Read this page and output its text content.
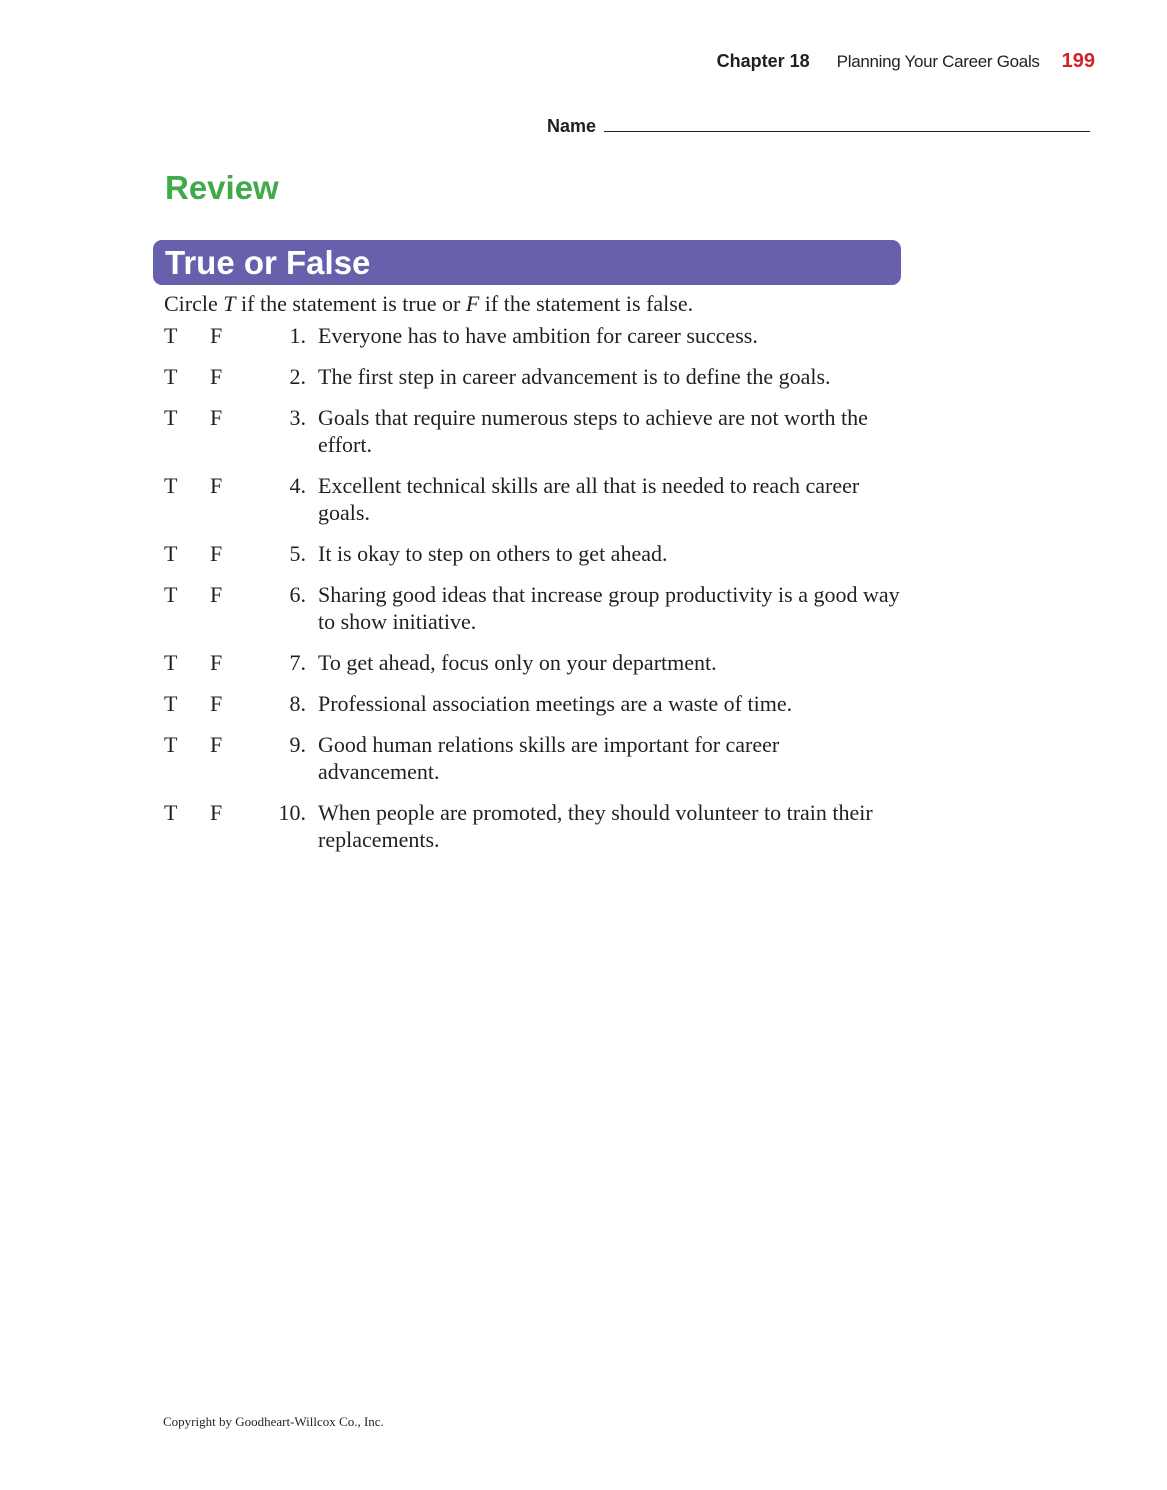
Chapter 18 Planning Your Career Goals 199
Name
Review
True or False
Circle T if the statement is true or F if the statement is false.
T	F	1. Everyone has to have ambition for career success.
T	F	2. The first step in career advancement is to define the goals.
T	F	3. Goals that require numerous steps to achieve are not worth the effort.
T	F	4. Excellent technical skills are all that is needed to reach career goals.
T	F	5. It is okay to step on others to get ahead.
T	F	6. Sharing good ideas that increase group productivity is a good way to show initiative.
T	F	7. To get ahead, focus only on your department.
T	F	8. Professional association meetings are a waste of time.
T	F	9. Good human relations skills are important for career advancement.
T	F	10. When people are promoted, they should volunteer to train their replacements.
Copyright by Goodheart-Willcox Co., Inc.
